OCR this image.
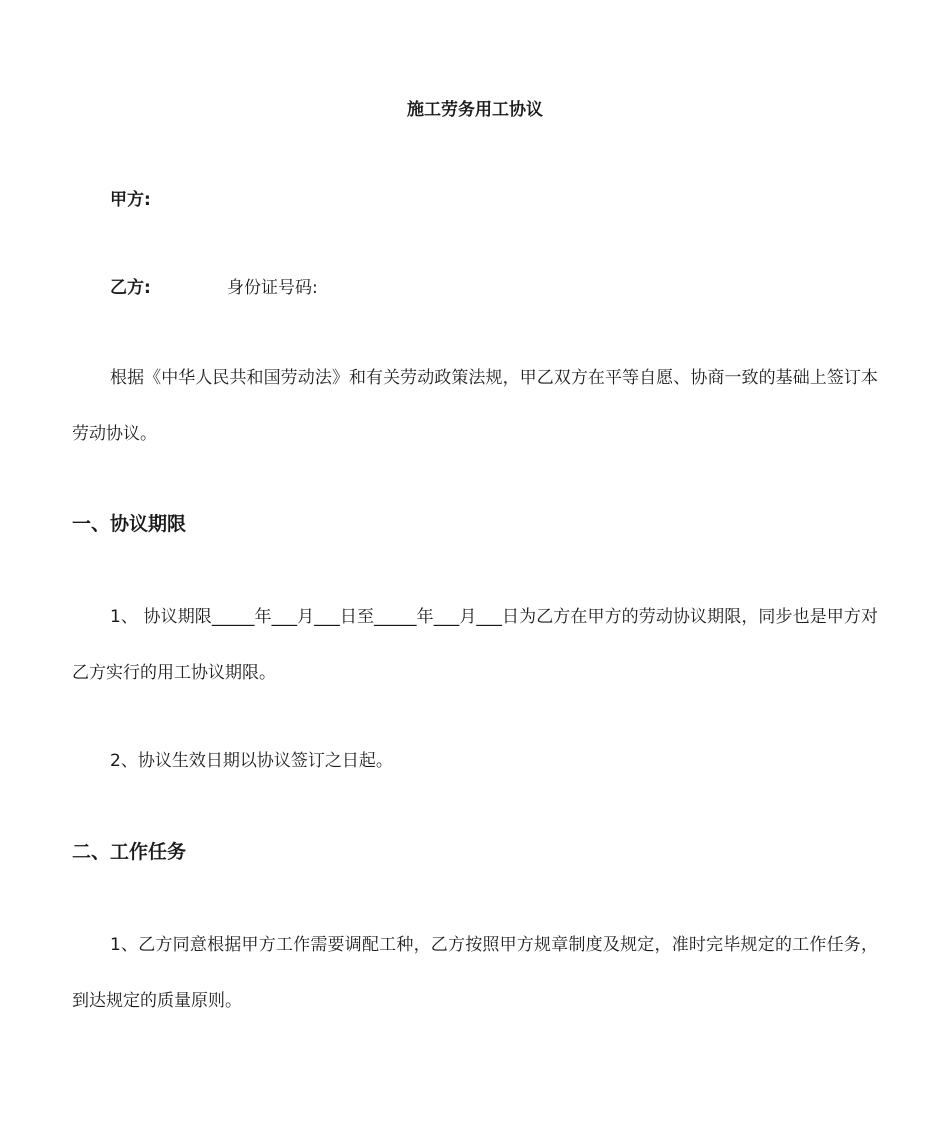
施工劳务用工协议
甲方:
乙方:	身份证号码:
根据《中华人民共和国劳动法》和有关劳动政策法规，甲乙双方在平等自愿、协商一致的基础上签订本劳动协议。
一、协议期限
1、 协议期限_____年___月___日至_____年___月___日为乙方在甲方的劳动协议期限，同步也是甲方对乙方实行的用工协议期限。
2、协议生效日期以协议签订之日起。
二、工作任务
1、乙方同意根据甲方工作需要调配工种，乙方按照甲方规章制度及规定，准时完毕规定的工作任务，到达规定的质量原则。
